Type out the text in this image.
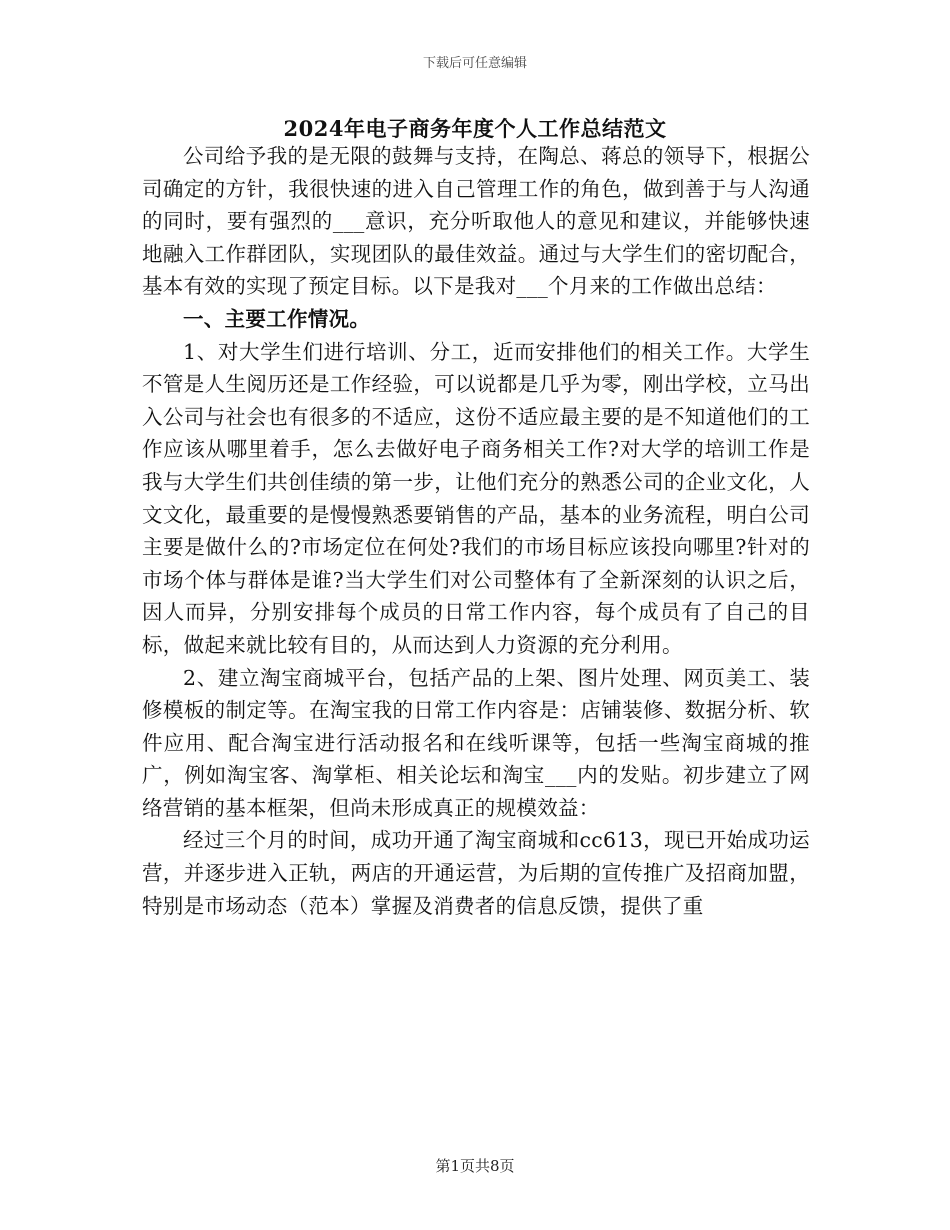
下载后可任意编辑
2024年电子商务年度个人工作总结范文

公司给予我的是无限的鼓舞与支持，在陶总、蒋总的领导下，根据公司确定的方针，我很快速的进入自己管理工作的角色，做到善于与人沟通的同时，要有强烈的___意识，充分听取他人的意见和建议，并能够快速地融入工作群团队，实现团队的最佳效益。通过与大学生们的密切配合，基本有效的实现了预定目标。以下是我对___个月来的工作做出总结：

一、主要工作情况。

1、对大学生们进行培训、分工，近而安排他们的相关工作。大学生不管是人生阅历还是工作经验，可以说都是几乎为零，刚出学校，立马出入公司与社会也有很多的不适应，这份不适应最主要的是不知道他们的工作应该从哪里着手，怎么去做好电子商务相关工作?对大学的培训工作是我与大学生们共创佳绩的第一步，让他们充分的熟悉公司的企业文化，人文文化，最重要的是慢慢熟悉要销售的产品，基本的业务流程，明白公司主要是做什么的?市场定位在何处?我们的市场目标应该投向哪里?针对的市场个体与群体是谁?当大学生们对公司整体有了全新深刻的认识之后，因人而异，分别安排每个成员的日常工作内容，每个成员有了自己的目标，做起来就比较有目的，从而达到人力资源的充分利用。

2、建立淘宝商城平台，包括产品的上架、图片处理、网页美工、装修模板的制定等。在淘宝我的日常工作内容是：店铺装修、数据分析、软件应用、配合淘宝进行活动报名和在线听课等，包括一些淘宝商城的推广，例如淘宝客、淘掌柜、相关论坛和淘宝___内的发贴。初步建立了网络营销的基本框架，但尚未形成真正的规模效益：

经过三个月的时间，成功开通了淘宝商城和cc613，现已开始成功运营，并逐步进入正轨，两店的开通运营，为后期的宣传推广及招商加盟，特别是市场动态（范本）掌握及消费者的信息反馈，提供了重

第1页共8页
